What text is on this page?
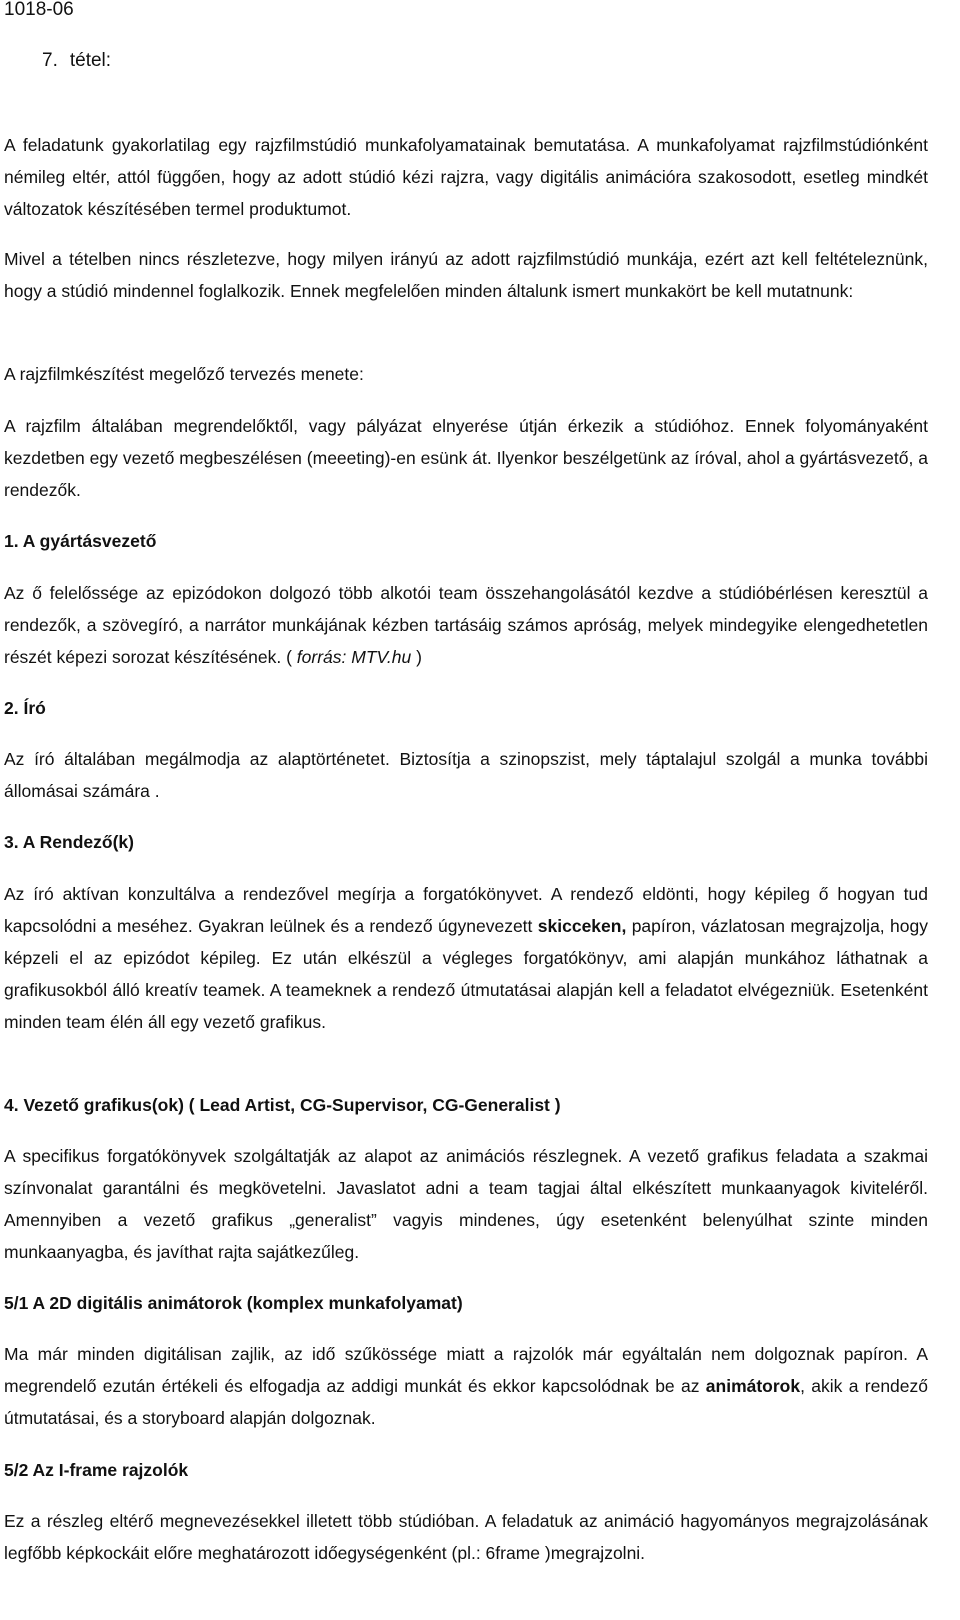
1018-06
7. tétel:
A feladatunk gyakorlatilag egy rajzfilmstúdió munkafolyamatainak bemutatása. A munkafolyamat rajzfilmstúdiónként némileg eltér, attól függően, hogy az adott stúdió kézi rajzra, vagy digitális animációra szakosodott, esetleg mindkét változatok készítésében termel produktumot.
Mivel a tételben nincs részletezve, hogy milyen irányú az adott rajzfilmstúdió munkája, ezért azt kell feltételeznünk, hogy a stúdió mindennel foglalkozik. Ennek megfelelően minden általunk ismert munkakört be kell mutatnunk:
A rajzfilmkészítést megelőző tervezés menete:
A rajzfilm általában megrendelőktől, vagy pályázat elnyerése útján érkezik a stúdióhoz. Ennek folyományaként kezdetben egy vezető megbeszélésen (meeeting)-en esünk át. Ilyenkor beszélgetünk az íróval, ahol a gyártásvezető, a rendezők.
1. A gyártásvezető
Az ő felelőssége az epizódokon dolgozó több alkotói team összehangolásától kezdve a stúdióbérlésen keresztül a rendezők, a szövegíró, a narrátor munkájának kézben tartásáig számos apróság, melyek mindegyike elengedhetetlen részét képezi sorozat készítésének. ( forrás: MTV.hu )
2. Író
Az író általában megálmodja az alaptörténetet. Biztosítja a szinopszist, mely táptalajul szolgál a munka további állomásai számára .
3. A Rendező(k)
Az író aktívan konzultálva a rendezővel megírja a forgatókönyvet. A rendező eldönti, hogy képileg ő hogyan tud kapcsolódni a meséhez. Gyakran leülnek és a rendező úgynevezett skicceken, papíron, vázlatosan megrajzolja, hogy képzeli el az epizódot képileg. Ez után elkészül a végleges forgatókönyv, ami alapján munkához láthatnak a grafikusokból álló kreatív teamek. A teameknek a rendező útmutatásai alapján kell a feladatot elvégezniük. Esetenként minden team élén áll egy vezető grafikus.
4. Vezető grafikus(ok) ( Lead Artist, CG-Supervisor, CG-Generalist )
A specifikus forgatókönyvek szolgáltatják az alapot az animációs részlegnek. A vezető grafikus feladata a szakmai színvonalat garantálni és megkövetelni. Javaslatot adni a team tagjai által elkészített munkaanyagok kiviteléről. Amennyiben a vezető grafikus „generalist” vagyis mindenes, úgy esetenként belenyúlhat szinte minden munkaanyagba, és javíthat rajta sajátkezűleg.
5/1 A 2D digitális animátorok (komplex munkafolyamat)
Ma már minden digitálisan zajlik, az idő szűkössége miatt a rajzolók már egyáltalán nem dolgoznak papíron. A megrendelő ezután értékeli és elfogadja az addigi munkát és ekkor kapcsolódnak be az animátorok, akik a rendező útmutatásai, és a storyboard alapján dolgoznak.
5/2 Az I-frame rajzolók
Ez a részleg eltérő megnevezésekkel illetett több stúdióban. A feladatuk az animáció hagyományos megrajzolásának legfőbb képkockáit előre meghatározott időegységenként (pl.: 6frame )megrajzolni.
